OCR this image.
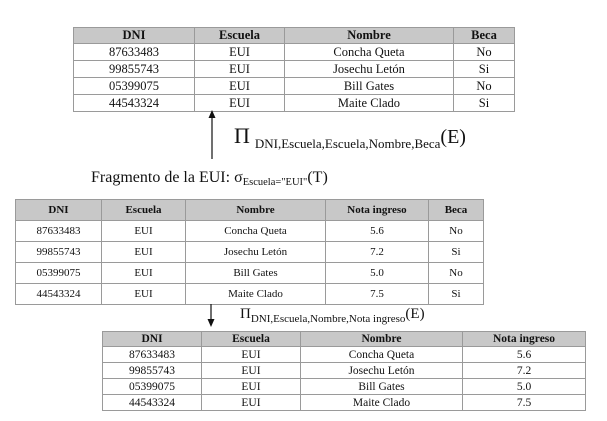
DNI	Escuela	Nombre	Beca
87633483	EUI	Concha Queta	No
99855743	EUI	Josechu Letón	Si
05399075	EUI	Bill Gates	No
44543324	EUI	Maite Clado	Si
Π $_{DNI,Escuela,Escuela,Nombre,Beca}$(E)
Fragmento de la EUI: $\sigma_{Escuela="EUI"}(T)$
DNI	Escuela	Nombre	Nota ingreso	Beca
87633483	EUI	Concha Queta	5.6	No
99855743	EUI	Josechu Letón	7.2	Si
05399075	EUI	Bill Gates	5.0	No
44543324	EUI	Maite Clado	7.5	Si
$\Pi_{DNI,Escuela,Nombre,Nota ingreso}(E)$
DNI	Escuela	Nombre	Nota ingreso
87633483	EUI	Concha Queta	5.6
99855743	EUI	Josechu Letón	7.2
05399075	EUI	Bill Gates	5.0
44543324	EUI	Maite Clado	7.5
